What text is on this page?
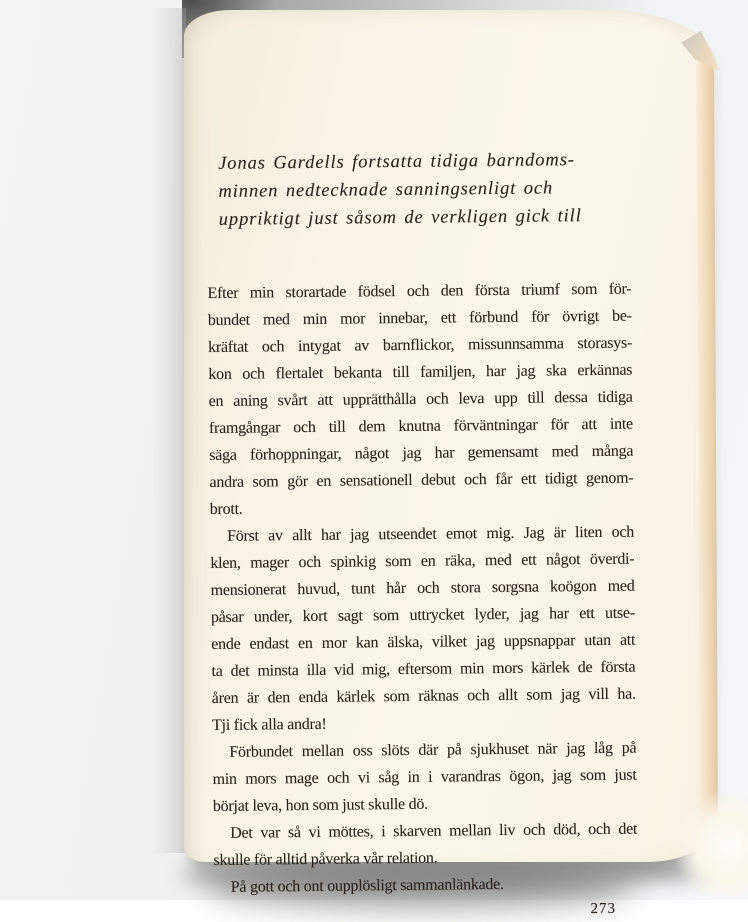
Jonas Gardells fortsatta tidiga barndoms-
minnen nedtecknade sanningsenligt och
uppriktigt just såsom de verkligen gick till
Efter min storartade födsel och den första triumf som för-
bundet med min mor innebar, ett förbund för övrigt be-
kräftat och intygat av barnflickor, missunnsamma storasys-
kon och flertalet bekanta till familjen, har jag ska erkännas
en aning svårt att upprätthålla och leva upp till dessa tidiga
framgångar och till dem knutna förväntningar för att inte
säga förhoppningar, något jag har gemensamt med många
andra som gör en sensationell debut och får ett tidigt genom-
brott.
Först av allt har jag utseendet emot mig. Jag är liten och
klen, mager och spinkig som en räka, med ett något överdi-
mensionerat huvud, tunt hår och stora sorgsna koögon med
påsar under, kort sagt som uttrycket lyder, jag har ett utse-
ende endast en mor kan älska, vilket jag uppsnappar utan att
ta det minsta illa vid mig, eftersom min mors kärlek de första
åren är den enda kärlek som räknas och allt som jag vill ha.
Tji fick alla andra!
Förbundet mellan oss slöts där på sjukhuset när jag låg på
min mors mage och vi såg in i varandras ögon, jag som just
börjat leva, hon som just skulle dö.
Det var så vi möttes, i skarven mellan liv och död, och det
skulle för alltid påverka vår relation.
På gott och ont oupplösligt sammanlänkade.
273
